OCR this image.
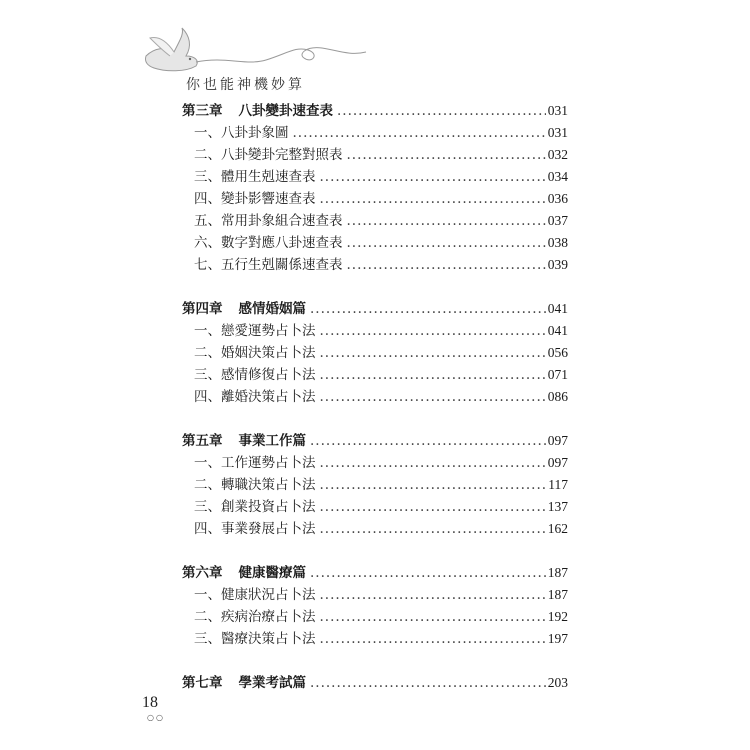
你也能神機妙算
第三章 八卦變卦速查表 .....	031
一、八卦卦象圖 .....	031
二、八卦變卦完整對照表 .....	032
三、體用生剋速查表 .....	034
四、變卦影響速查表 .....	036
五、常用卦象組合速查表 .....	037
六、數字對應八卦速查表 .....	038
七、五行生剋關係速查表 .....	039
第四章 感情婚姻篇 .....	041
一、戀愛運勢占卜法 .....	041
二、婚姻決策占卜法 .....	056
三、感情修復占卜法 .....	071
四、離婚決策占卜法 .....	086
第五章 事業工作篇 .....	097
一、工作運勢占卜法 .....	097
二、轉職決策占卜法 .....	117
三、創業投資占卜法 .....	137
四、事業發展占卜法 .....	162
第六章 健康醫療篇 .....	187
一、健康狀況占卜法 .....	187
二、疾病治療占卜法 .....	192
三、醫療決策占卜法 .....	197
第七章 學業考試篇 .....	203
18
○○
